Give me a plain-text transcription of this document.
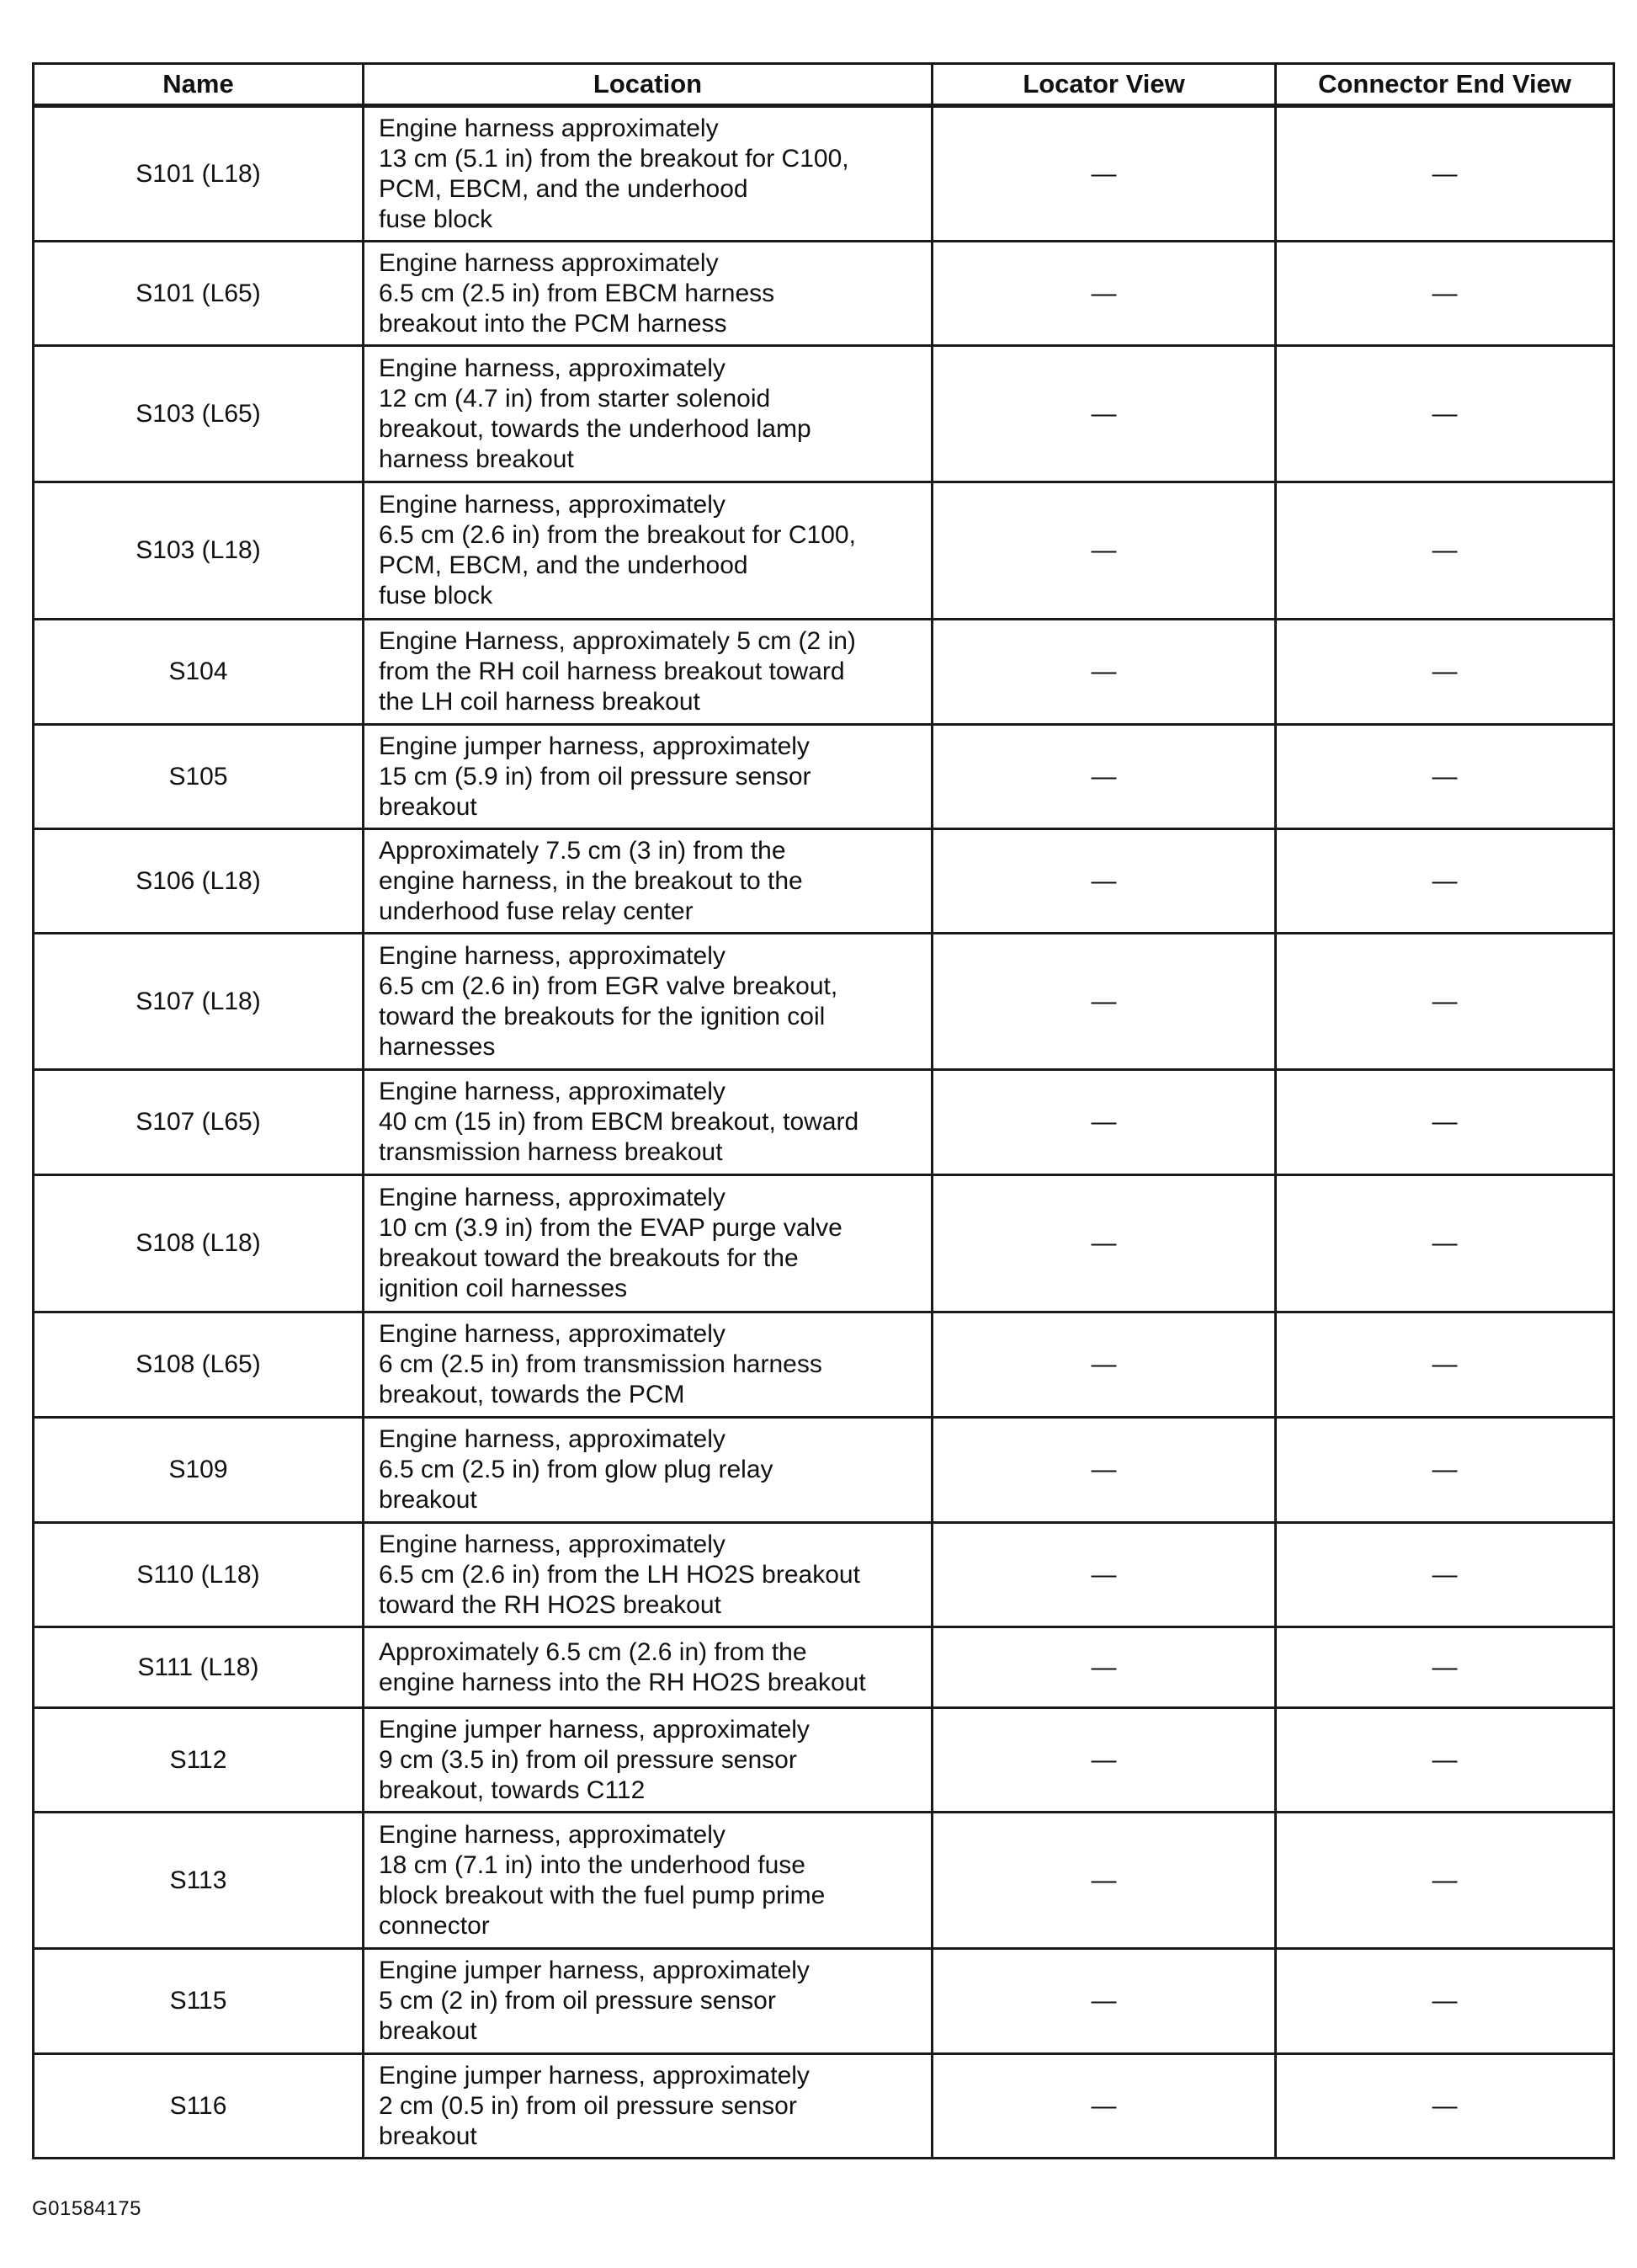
Name	Location	Locator View	Connector End View
S101 (L18)	Engine harness approximately
13 cm (5.1 in) from the breakout for C100,
PCM, EBCM, and the underhood
fuse block	—	—
S101 (L65)	Engine harness approximately
6.5 cm (2.5 in) from EBCM harness
breakout into the PCM harness	—	—
S103 (L65)	Engine harness, approximately
12 cm (4.7 in) from starter solenoid
breakout, towards the underhood lamp
harness breakout	—	—
S103 (L18)	Engine harness, approximately
6.5 cm (2.6 in) from the breakout for C100,
PCM, EBCM, and the underhood
fuse block	—	—
S104	Engine Harness, approximately 5 cm (2 in)
from the RH coil harness breakout toward
the LH coil harness breakout	—	—
S105	Engine jumper harness, approximately
15 cm (5.9 in) from oil pressure sensor
breakout	—	—
S106 (L18)	Approximately 7.5 cm (3 in) from the
engine harness, in the breakout to the
underhood fuse relay center	—	—
S107 (L18)	Engine harness, approximately
6.5 cm (2.6 in) from EGR valve breakout,
toward the breakouts for the ignition coil
harnesses	—	—
S107 (L65)	Engine harness, approximately
40 cm (15 in) from EBCM breakout, toward
transmission harness breakout	—	—
S108 (L18)	Engine harness, approximately
10 cm (3.9 in) from the EVAP purge valve
breakout toward the breakouts for the
ignition coil harnesses	—	—
S108 (L65)	Engine harness, approximately
6 cm (2.5 in) from transmission harness
breakout, towards the PCM	—	—
S109	Engine harness, approximately
6.5 cm (2.5 in) from glow plug relay
breakout	—	—
S110 (L18)	Engine harness, approximately
6.5 cm (2.6 in) from the LH HO2S breakout
toward the RH HO2S breakout	—	—
S111 (L18)	Approximately 6.5 cm (2.6 in) from the
engine harness into the RH HO2S breakout	—	—
S112	Engine jumper harness, approximately
9 cm (3.5 in) from oil pressure sensor
breakout, towards C112	—	—
S113	Engine harness, approximately
18 cm (7.1 in) into the underhood fuse
block breakout with the fuel pump prime
connector	—	—
S115	Engine jumper harness, approximately
5 cm (2 in) from oil pressure sensor
breakout	—	—
S116	Engine jumper harness, approximately
2 cm (0.5 in) from oil pressure sensor
breakout	—	—
G01584175
